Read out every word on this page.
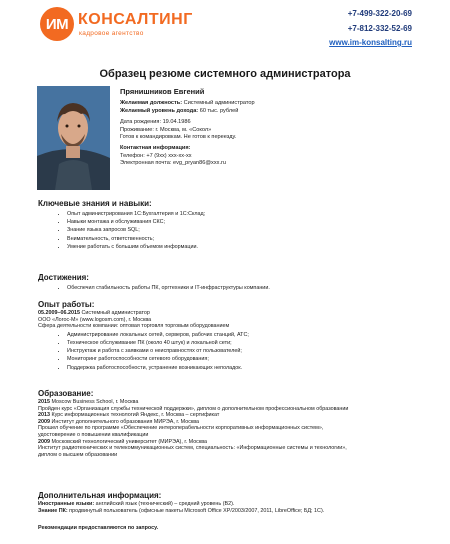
ИМ КОНСАЛТИНГ
кадровое агентство
+7-499-322-20-69
+7-812-332-52-69
www.im-konsalting.ru
Образец резюме системного администратора
Прянишников Евгений
Желаемая должность: Системный администратор
Желаемый уровень дохода: 60 тыс. рублей
Дата рождения: 19.04.1986
Проживание: г. Москва, м. «Сокол»
Готов к командировкам. Не готов к переезду.
Контактная информация:
Телефон: +7 (9хх) ххх-хх-хх
Электронная почта: evg_pryan86@xxx.ru
Ключевые знания и навыки:
• Опыт администрирования 1С:Бухгалтерия и 1С:Склад;
• Навыки монтажа и обслуживания СКС;
• Знание языка запросов SQL;
• Внимательность, ответственность;
• Умение работать с большим объемом информации.
Достижения:
• Обеспечил стабильность работы ПК, оргтехники и IT-инфраструктуры компании.
Опыт работы:

05.2009–06.2015 Системный администратор

ООО «Логос-М» (www.logosm.com), г. Москва

Сфера деятельности компании: оптовая торговля торговым оборудованием

• Администрирование локальных сетей, серверов, рабочих станций, АТС;
• Техническое обслуживание ПК (около 40 штук) и локальной сети;
• Инструктаж и работа с заявками о неисправностях от пользователей;
• Мониторинг работоспособности сетевого оборудования;
• Поддержка работоспособности, устранение возникающих неполадок.
Образование:

2015 Moscow Business School, г. Москва

Пройден курс «Организация службы технической поддержки», диплом о дополнительном профессиональном образовании

2013 Курс информационных технологий Яндекс, г. Москва – сертификат

2009 Институт дополнительного образования МИРЭА, г. Москва

Прошел обучение по программе «Обеспечение интероперабельности корпоративных информационных систем»,

удостоверение о повышении квалификации

2009 Московский технологический университет (МИРЭА), г. Москва

Институт радиотехнических и телекоммуникационных систем, специальность: «Информационные системы и технологии»,

диплом о высшем образовании

Дополнительная информация:

Иностранные языки: английский язык (технический) – средний уровень (B2).

Знание ПК: продвинутый пользователь (офисные пакеты Microsoft Office XP/2003/2007, 2011, LibreOffice; БД; 1С).

Рекомендации предоставляются по запросу.
